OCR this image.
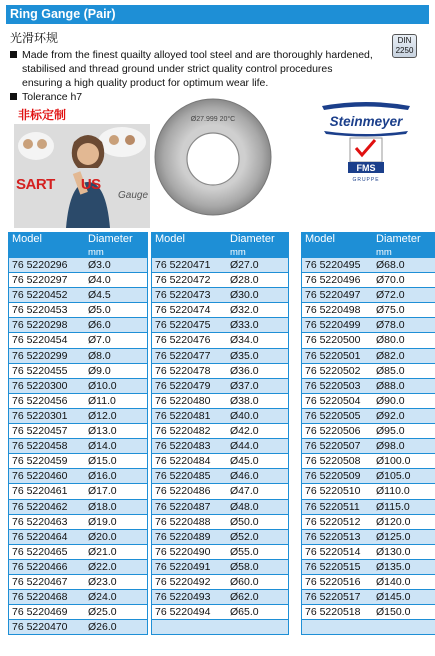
Ring Gange (Pair)
光滑环规	DIN
2250
Made from the finest quailty alloyed tool steel and are thoroughly hardened, stabilised and thread ground under strict quality control procedures ensuring a high quality product for optimum wear life.
Tolerance h7
非标定制
SART US
Gauge
Ø27.999 20°C	Steinmeyer
FMS
GRUPPE
Model	Diameter
mm
76 5220296 Ø3.0
76 5220297 Ø4.0
76 5220452 Ø4.5
76 5220453 Ø5.0
76 5220298 Ø6.0
76 5220454 Ø7.0
76 5220299 Ø8.0
76 5220455 Ø9.0
76 5220300 Ø10.0
76 5220456 Ø11.0
76 5220301 Ø12.0
76 5220457 Ø13.0
76 5220458 Ø14.0
76 5220459 Ø15.0
76 5220460 Ø16.0
76 5220461 Ø17.0
76 5220462 Ø18.0
76 5220463 Ø19.0
76 5220464 Ø20.0
76 5220465 Ø21.0
76 5220466 Ø22.0
76 5220467 Ø23.0
76 5220468 Ø24.0
76 5220469 Ø25.0
76 5220470 Ø26.0
Model	Diameter
mm
76 5220471 Ø27.0
76 5220472 Ø28.0
76 5220473 Ø30.0
76 5220474 Ø32.0
76 5220475 Ø33.0
76 5220476 Ø34.0
76 5220477 Ø35.0
76 5220478 Ø36.0
76 5220479 Ø37.0
76 5220480 Ø38.0
76 5220481 Ø40.0
76 5220482 Ø42.0
76 5220483 Ø44.0
76 5220484 Ø45.0
76 5220485 Ø46.0
76 5220486 Ø47.0
76 5220487 Ø48.0
76 5220488 Ø50.0
76 5220489 Ø52.0
76 5220490 Ø55.0
76 5220491 Ø58.0
76 5220492 Ø60.0
76 5220493 Ø62.0
76 5220494 Ø65.0
Model	Diameter
mm
76 5220495 Ø68.0
76 5220496 Ø70.0
76 5220497 Ø72.0
76 5220498 Ø75.0
76 5220499 Ø78.0
76 5220500 Ø80.0
76 5220501 Ø82.0
76 5220502 Ø85.0
76 5220503 Ø88.0
76 5220504 Ø90.0
76 5220505 Ø92.0
76 5220506 Ø95.0
76 5220507 Ø98.0
76 5220508 Ø100.0
76 5220509 Ø105.0
76 5220510 Ø110.0
76 5220511 Ø115.0
76 5220512 Ø120.0
76 5220513 Ø125.0
76 5220514 Ø130.0
76 5220515 Ø135.0
76 5220516 Ø140.0
76 5220517 Ø145.0
76 5220518 Ø150.0
